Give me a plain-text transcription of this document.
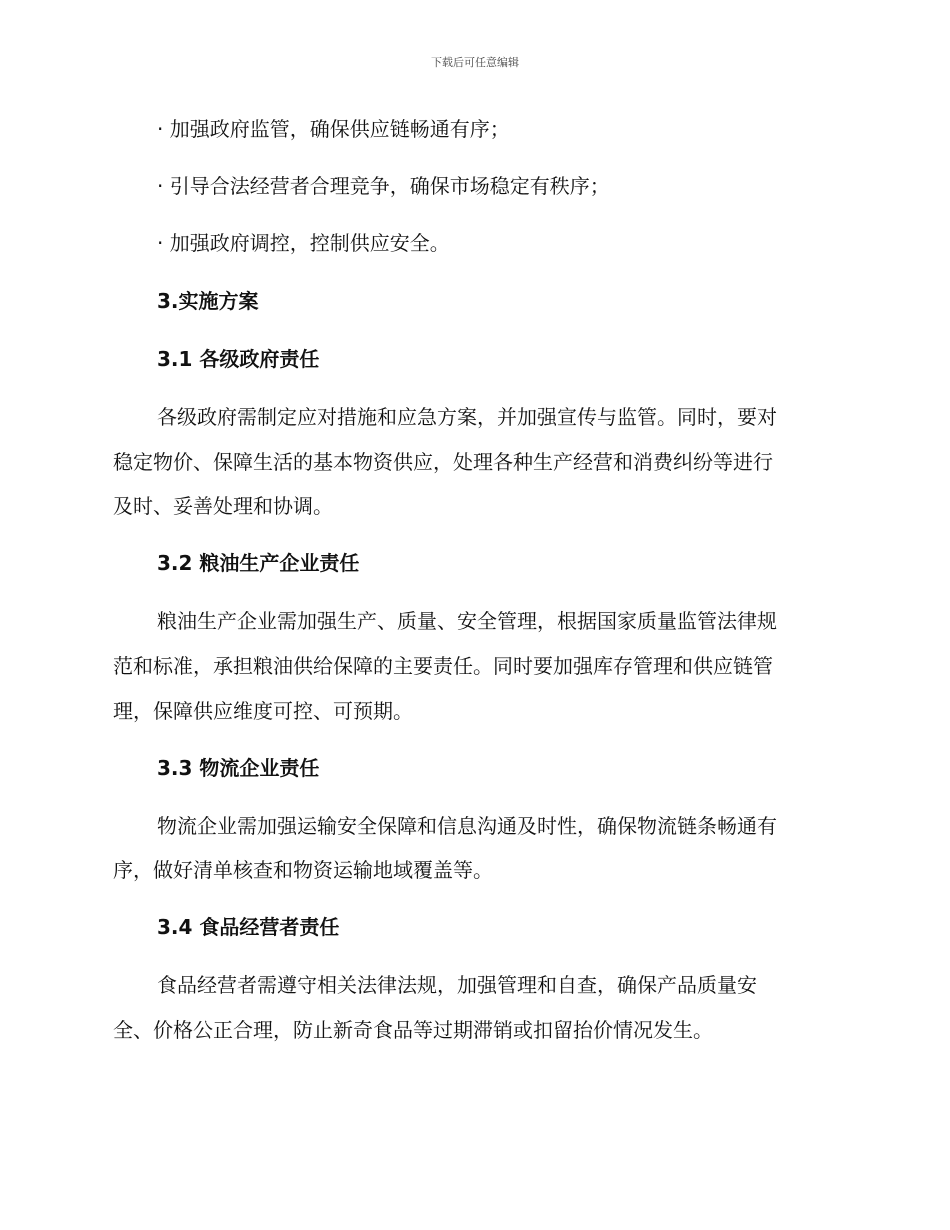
下载后可任意编辑
· 加强政府监管，确保供应链畅通有序；
· 引导合法经营者合理竞争，确保市场稳定有秩序；
· 加强政府调控，控制供应安全。
3.实施方案
3.1 各级政府责任
各级政府需制定应对措施和应急方案，并加强宣传与监管。同时，要对
稳定物价、保障生活的基本物资供应，处理各种生产经营和消费纠纷等进行
及时、妥善处理和协调。
3.2 粮油生产企业责任
粮油生产企业需加强生产、质量、安全管理，根据国家质量监管法律规
范和标准，承担粮油供给保障的主要责任。同时要加强库存管理和供应链管
理，保障供应维度可控、可预期。
3.3 物流企业责任
物流企业需加强运输安全保障和信息沟通及时性，确保物流链条畅通有
序，做好清单核查和物资运输地域覆盖等。
3.4 食品经营者责任
食品经营者需遵守相关法律法规，加强管理和自查，确保产品质量安
全、价格公正合理，防止新奇食品等过期滞销或扣留抬价情况发生。
